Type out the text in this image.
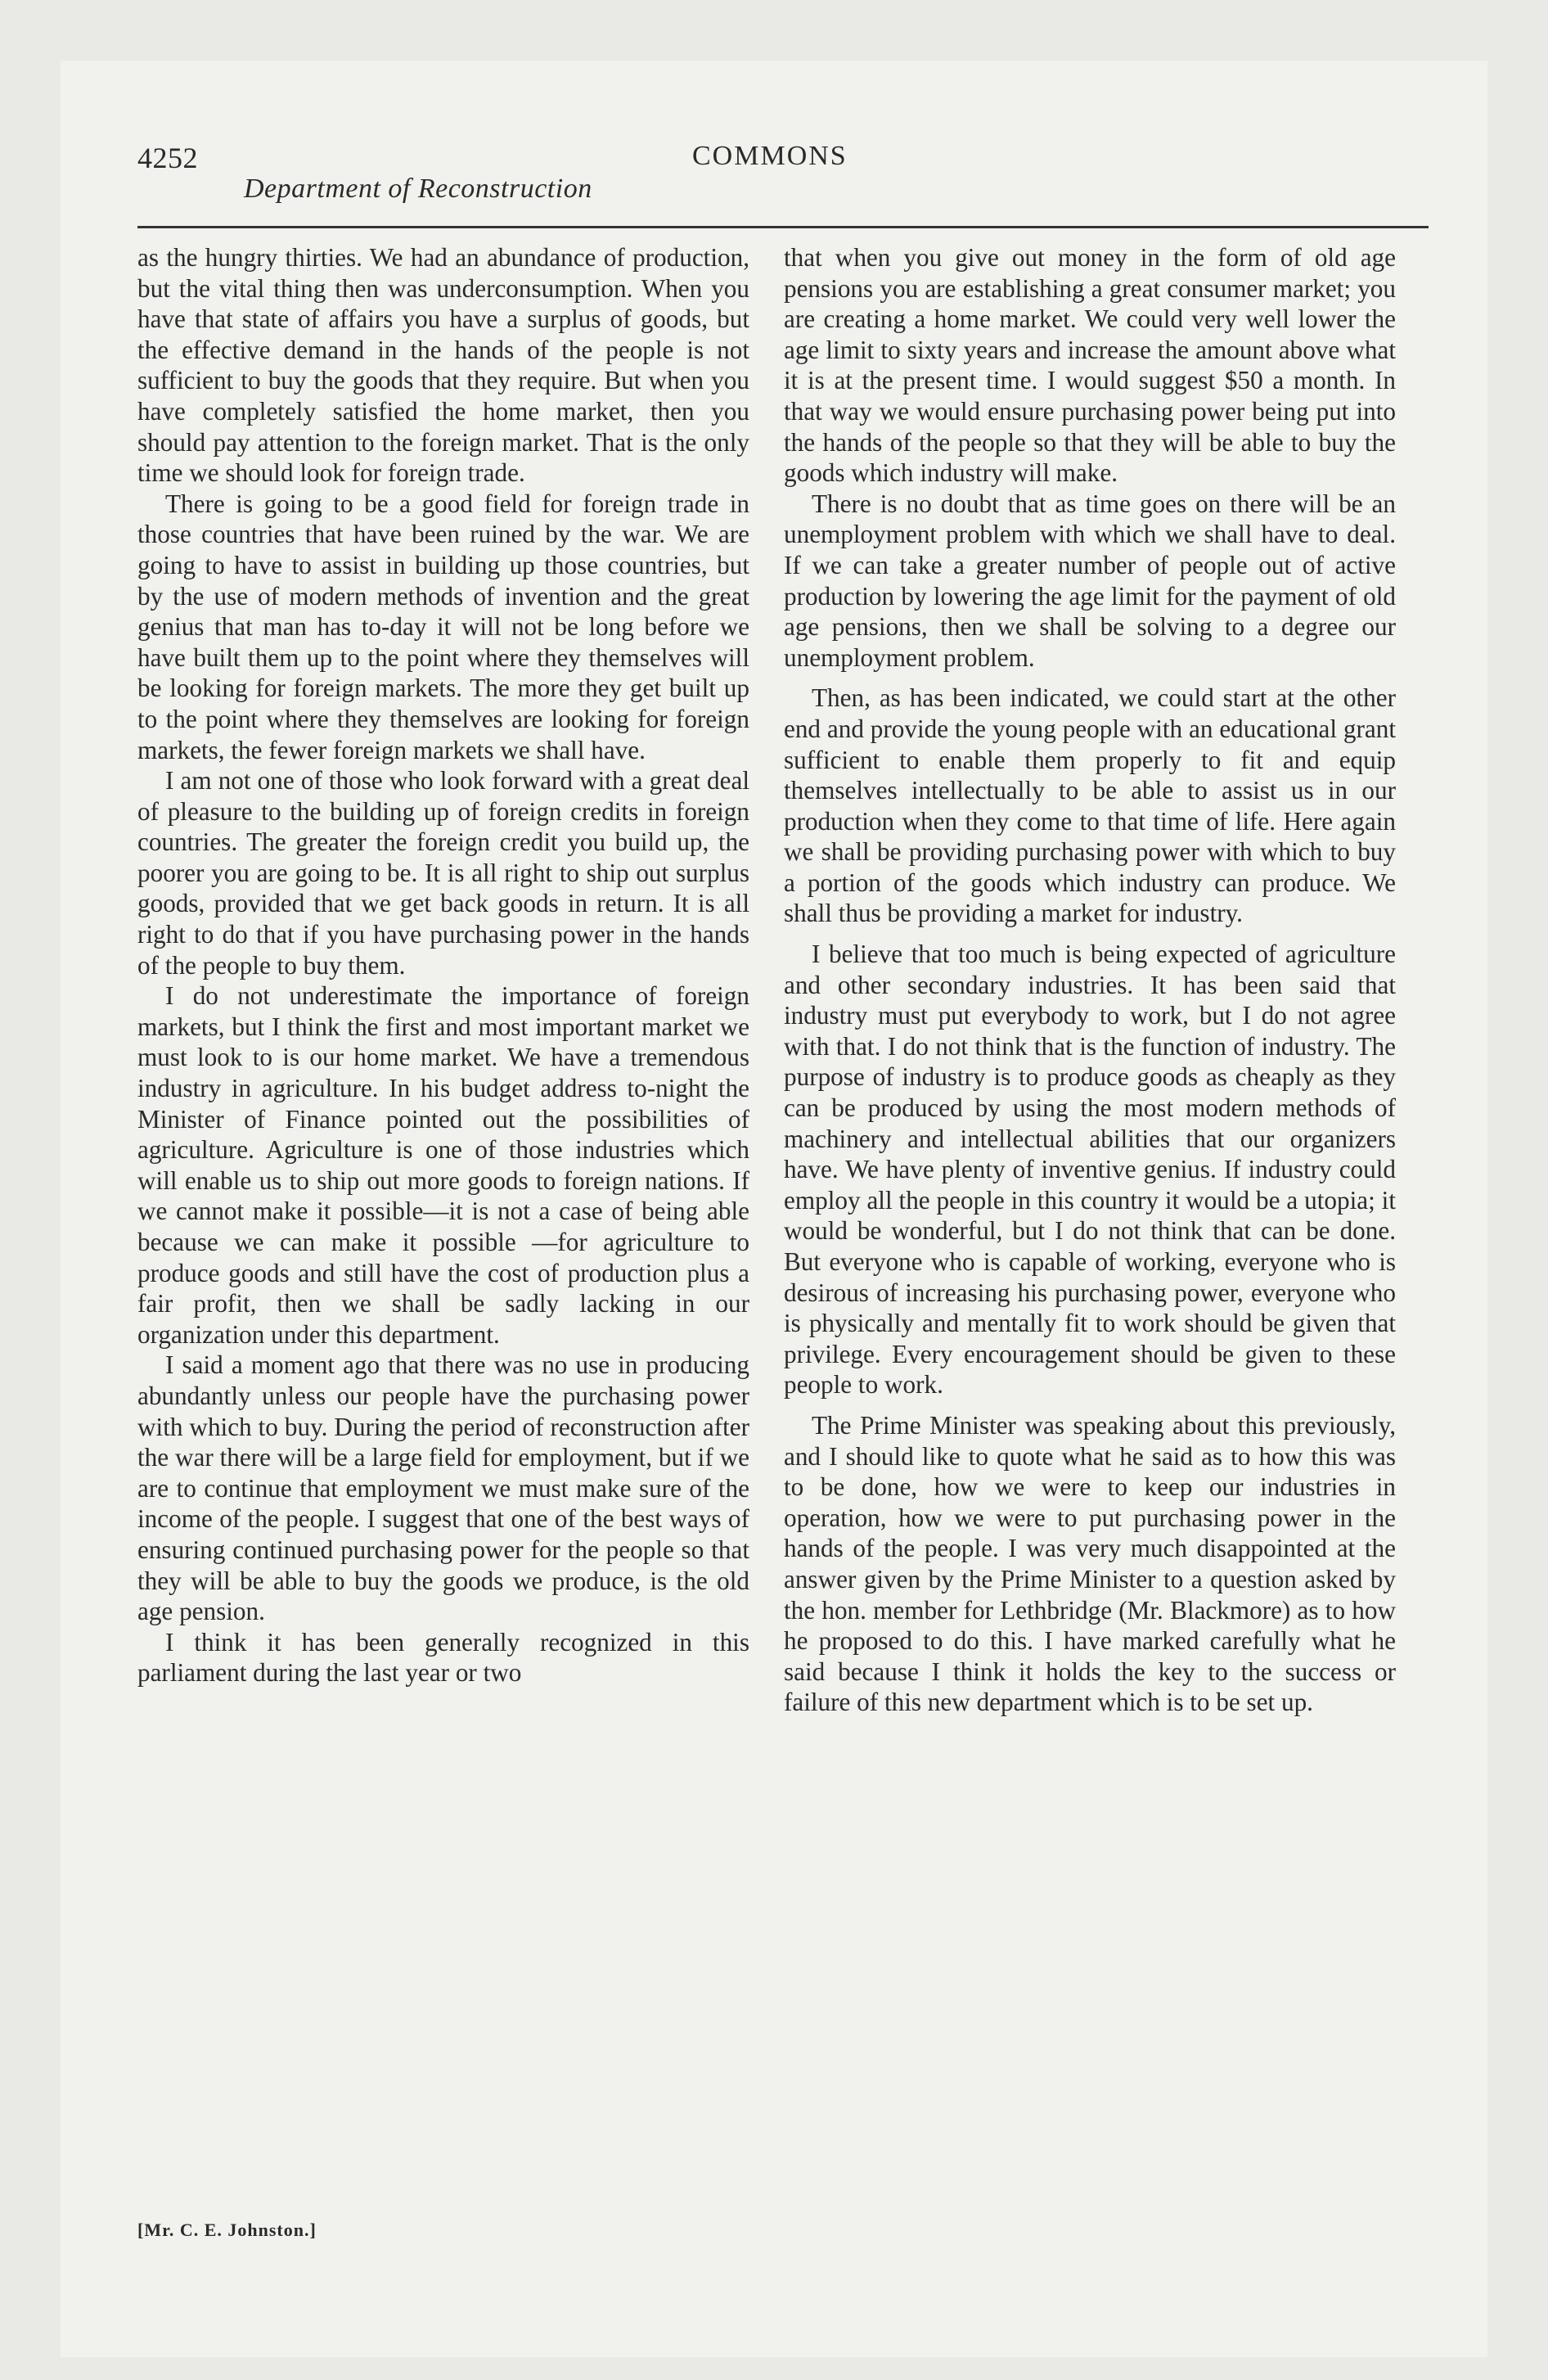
4252	COMMONS
Department of Reconstruction

as the hungry thirties. We had an abundance of production, but the vital thing then was underconsumption. When you have that state of affairs you have a surplus of goods, but the effective demand in the hands of the people is not sufficient to buy the goods that they require. But when you have completely satisfied the home market, then you should pay attention to the foreign market. That is the only time we should look for foreign trade.

There is going to be a good field for foreign trade in those countries that have been ruined by the war. We are going to have to assist in building up those countries, but by the use of modern methods of invention and the great genius that man has to-day it will not be long before we have built them up to the point where they themselves will be looking for foreign markets. The more they get built up to the point where they themselves are looking for foreign markets, the fewer foreign markets we shall have.

I am not one of those who look forward with a great deal of pleasure to the building up of foreign credits in foreign countries. The greater the foreign credit you build up, the poorer you are going to be. It is all right to ship out surplus goods, provided that we get back goods in return. It is all right to do that if you have purchasing power in the hands of the people to buy them.

I do not underestimate the importance of foreign markets, but I think the first and most important market we must look to is our home market. We have a tremendous industry in agriculture. In his budget address to-night the Minister of Finance pointed out the possibilities of agriculture. Agriculture is one of those industries which will enable us to ship out more goods to foreign nations. If we cannot make it possible—it is not a case of being able because we can make it possible —for agriculture to produce goods and still have the cost of production plus a fair profit, then we shall be sadly lacking in our organization under this department.

I said a moment ago that there was no use in producing abundantly unless our people have the purchasing power with which to buy. During the period of reconstruction after the war there will be a large field for employment, but if we are to continue that employment we must make sure of the income of the people. I suggest that one of the best ways of ensuring continued purchasing power for the people so that they will be able to buy the goods we produce, is the old age pension.

I think it has been generally recognized in this parliament during the last year or two

that when you give out money in the form of old age pensions you are establishing a great consumer market; you are creating a home market. We could very well lower the age limit to sixty years and increase the amount above what it is at the present time. I would suggest $50 a month. In that way we would ensure purchasing power being put into the hands of the people so that they will be able to buy the goods which industry will make.

There is no doubt that as time goes on there will be an unemployment problem with which we shall have to deal. If we can take a greater number of people out of active production by lowering the age limit for the payment of old age pensions, then we shall be solving to a degree our unemployment problem.

Then, as has been indicated, we could start at the other end and provide the young people with an educational grant sufficient to enable them properly to fit and equip themselves intellectually to be able to assist us in our production when they come to that time of life. Here again we shall be providing purchasing power with which to buy a portion of the goods which industry can produce. We shall thus be providing a market for industry.

I believe that too much is being expected of agriculture and other secondary industries. It has been said that industry must put everybody to work, but I do not agree with that. I do not think that is the function of industry. The purpose of industry is to produce goods as cheaply as they can be produced by using the most modern methods of machinery and intellectual abilities that our organizers have. We have plenty of inventive genius. If industry could employ all the people in this country it would be a utopia; it would be wonderful, but I do not think that can be done. But everyone who is capable of working, everyone who is desirous of increasing his purchasing power, everyone who is physically and mentally fit to work should be given that privilege. Every encouragement should be given to these people to work.

The Prime Minister was speaking about this previously, and I should like to quote what he said as to how this was to be done, how we were to keep our industries in operation, how we were to put purchasing power in the hands of the people. I was very much disappointed at the answer given by the Prime Minister to a question asked by the hon. member for Lethbridge (Mr. Blackmore) as to how he proposed to do this. I have marked carefully what he said because I think it holds the key to the success or failure of this new department which is to be set up.

[Mr. C. E. Johnston.]
